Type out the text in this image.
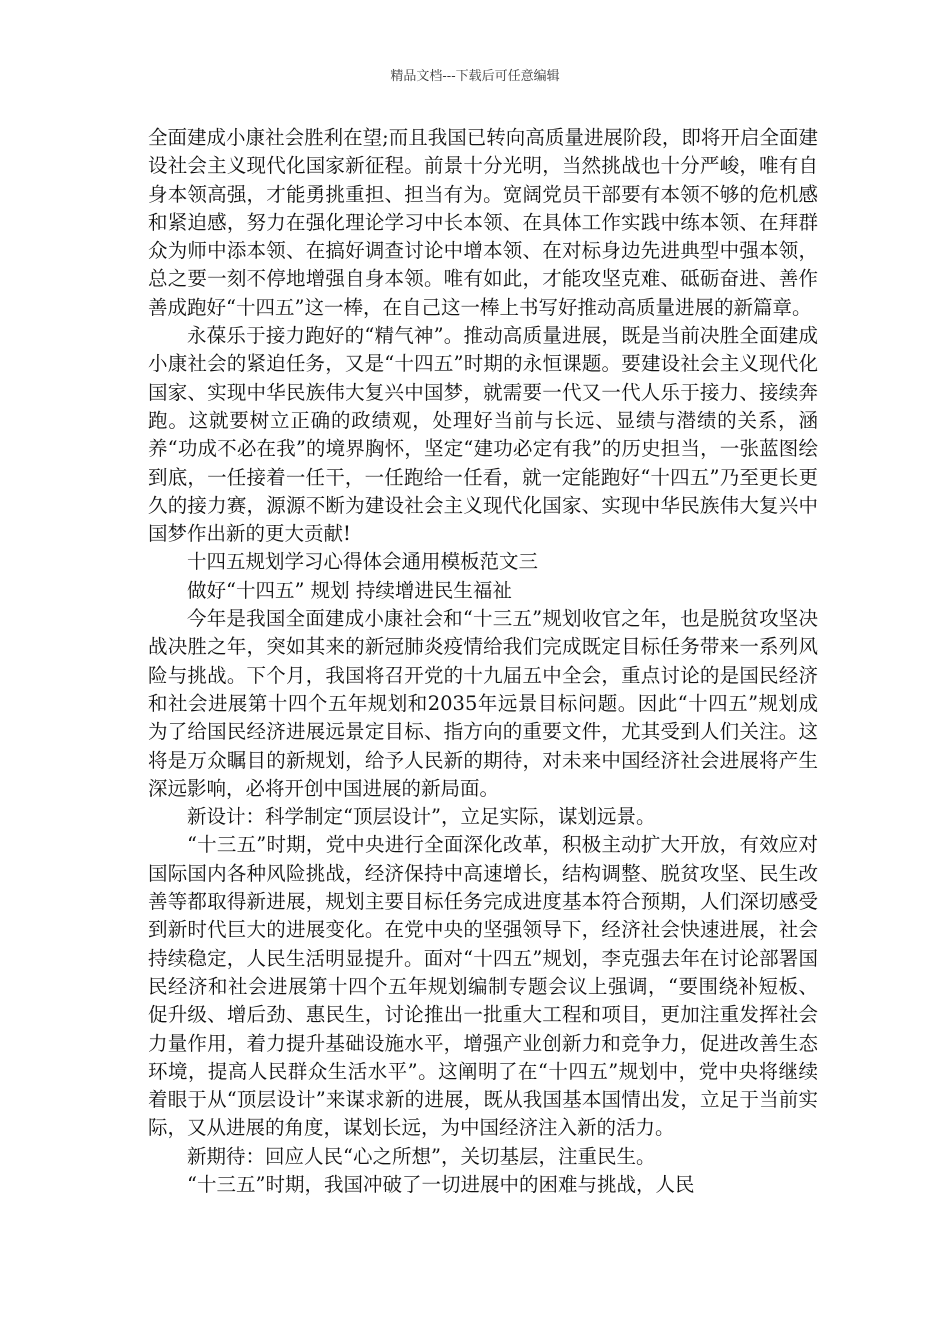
精品文档---下载后可任意编辑

全面建成小康社会胜利在望;而且我国已转向高质量进展阶段，即将开启全面建设社会主义现代化国家新征程。前景十分光明，当然挑战也十分严峻，唯有自身本领高强，才能勇挑重担、担当有为。宽阔党员干部要有本领不够的危机感和紧迫感，努力在强化理论学习中长本领、在具体工作实践中练本领、在拜群众为师中添本领、在搞好调查讨论中增本领、在对标身边先进典型中强本领，总之要一刻不停地增强自身本领。唯有如此，才能攻坚克难、砥砺奋进、善作善成跑好“十四五”这一棒，在自己这一棒上书写好推动高质量进展的新篇章。

永葆乐于接力跑好的“精气神”。推动高质量进展，既是当前决胜全面建成小康社会的紧迫任务，又是“十四五”时期的永恒课题。要建设社会主义现代化国家、实现中华民族伟大复兴中国梦，就需要一代又一代人乐于接力、接续奔跑。这就要树立正确的政绩观，处理好当前与长远、显绩与潜绩的关系，涵养“功成不必在我”的境界胸怀，坚定“建功必定有我”的历史担当，一张蓝图绘到底，一任接着一任干，一任跑给一任看，就一定能跑好“十四五”乃至更长更久的接力赛，源源不断为建设社会主义现代化国家、实现中华民族伟大复兴中国梦作出新的更大贡献!

十四五规划学习心得体会通用模板范文三

做好“十四五” 规划 持续增进民生福祉

今年是我国全面建成小康社会和“十三五”规划收官之年，也是脱贫攻坚决战决胜之年，突如其来的新冠肺炎疫情给我们完成既定目标任务带来一系列风险与挑战。下个月，我国将召开党的十九届五中全会，重点讨论的是国民经济和社会进展第十四个五年规划和2035年远景目标问题。因此“十四五”规划成为了给国民经济进展远景定目标、指方向的重要文件，尤其受到人们关注。这将是万众瞩目的新规划，给予人民新的期待，对未来中国经济社会进展将产生深远影响，必将开创中国进展的新局面。

新设计：科学制定“顶层设计”，立足实际，谋划远景。

“十三五”时期，党中央进行全面深化改革，积极主动扩大开放，有效应对国际国内各种风险挑战，经济保持中高速增长，结构调整、脱贫攻坚、民生改善等都取得新进展，规划主要目标任务完成进度基本符合预期，人们深切感受到新时代巨大的进展变化。在党中央的坚强领导下，经济社会快速进展，社会持续稳定，人民生活明显提升。面对“十四五”规划，李克强去年在讨论部署国民经济和社会进展第十四个五年规划编制专题会议上强调，“要围绕补短板、促升级、增后劲、惠民生，讨论推出一批重大工程和项目，更加注重发挥社会力量作用，着力提升基础设施水平，增强产业创新力和竞争力，促进改善生态环境，提高人民群众生活水平”。这阐明了在“十四五”规划中，党中央将继续着眼于从“顶层设计”来谋求新的进展，既从我国基本国情出发，立足于当前实际，又从进展的角度，谋划长远，为中国经济注入新的活力。

新期待：回应人民“心之所想”，关切基层，注重民生。

“十三五”时期，我国冲破了一切进展中的困难与挑战，人民
